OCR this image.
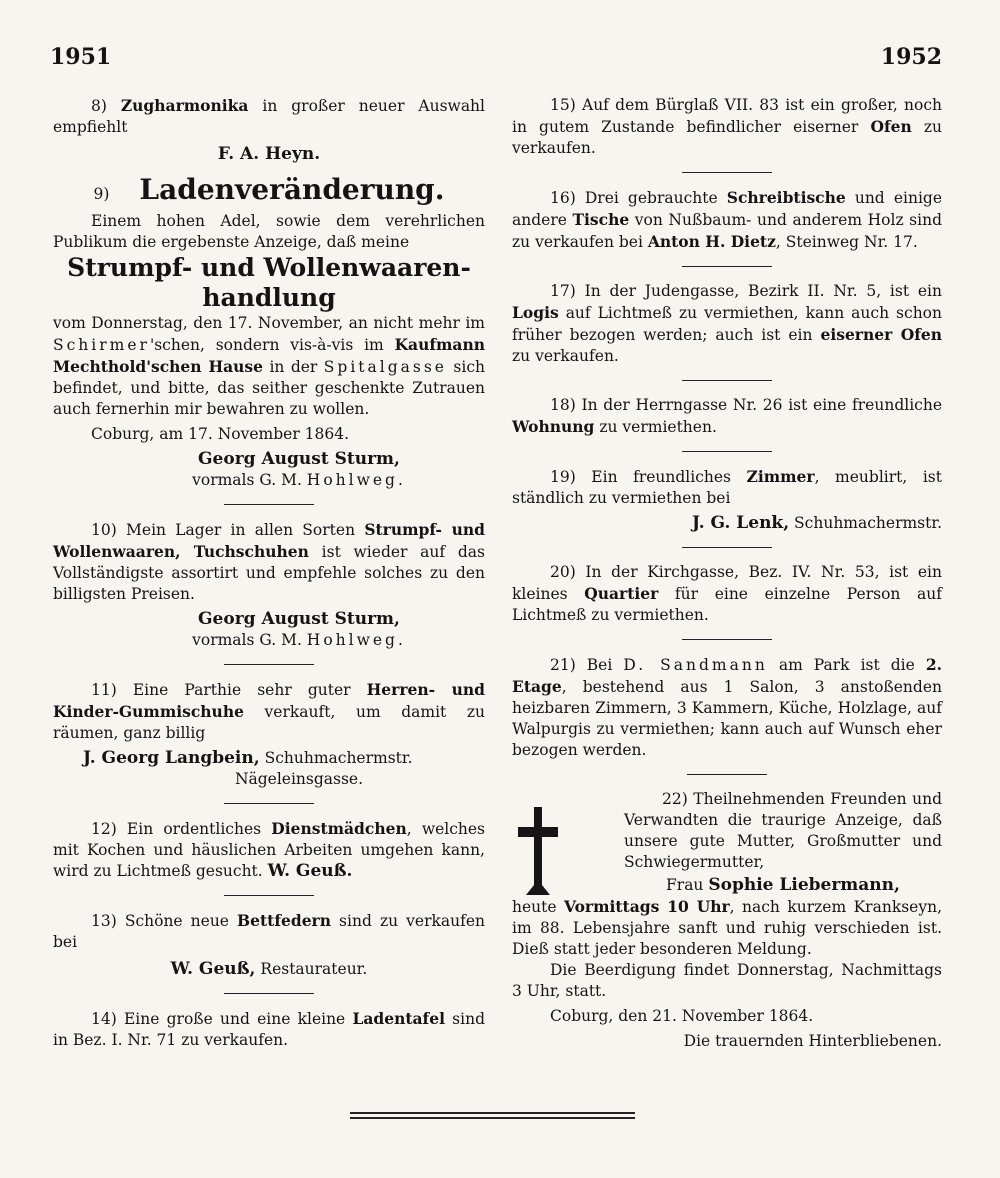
1951	1952

8) Zugharmonika in großer neuer Auswahl empfiehlt

F. A. Heyn.

9) Ladenveränderung.

Einem hohen Adel, sowie dem verehrlichen Publikum die ergebenste Anzeige, daß meine

Strumpf- und Wollenwaaren-

handlung

vom Donnerstag, den 17. November, an nicht mehr im Schirmer'schen, sondern vis-à-vis im Kaufmann Mechthold'schen Hause in der Spitalgasse sich befindet, und bitte, das seither geschenkte Zutrauen auch fernerhin mir bewahren zu wollen.

Coburg, am 17. November 1864.

Georg August Sturm,

vormals G. M. Hohlweg.

10) Mein Lager in allen Sorten Strumpf- und Wollenwaaren, Tuchschuhen ist wieder auf das Vollständigste assortirt und empfehle solches zu den billigsten Preisen.

Georg August Sturm,

vormals G. M. Hohlweg.

11) Eine Parthie sehr guter Herren- und Kinder-Gummischuhe verkauft, um damit zu räumen, ganz billig

J. Georg Langbein, Schuhmachermstr.

Nägeleinsgasse.

12) Ein ordentliches Dienstmädchen, welches mit Kochen und häuslichen Arbeiten umgehen kann, wird zu Lichtmeß gesucht. W. Geuß.

13) Schöne neue Bettfedern sind zu verkaufen bei

W. Geuß, Restaurateur.

14) Eine große und eine kleine Ladentafel sind in Bez. I. Nr. 71 zu verkaufen.

15) Auf dem Bürglaß VII. 83 ist ein großer, noch in gutem Zustande befindlicher eiserner Ofen zu verkaufen.

16) Drei gebrauchte Schreibtische und einige andere Tische von Nußbaum- und anderem Holz sind zu verkaufen bei Anton H. Dietz, Steinweg Nr. 17.

17) In der Judengasse, Bezirk II. Nr. 5, ist ein Logis auf Lichtmeß zu vermiethen, kann auch schon früher bezogen werden; auch ist ein eiserner Ofen zu verkaufen.

18) In der Herrngasse Nr. 26 ist eine freundliche Wohnung zu vermiethen.

19) Ein freundliches Zimmer, meublirt, ist ständlich zu vermiethen bei

J. G. Lenk, Schuhmachermstr.

20) In der Kirchgasse, Bez. IV. Nr. 53, ist ein kleines Quartier für eine einzelne Person auf Lichtmeß zu vermiethen.

21) Bei D. Sandmann am Park ist die 2. Etage, bestehend aus 1 Salon, 3 anstoßenden heizbaren Zimmern, 3 Kammern, Küche, Holzlage, auf Walpurgis zu vermiethen; kann auch auf Wunsch eher bezogen werden.

22) Theilnehmenden Freunden und Verwandten die traurige Anzeige, daß unsere gute Mutter, Großmutter und Schwiegermutter,

Frau Sophie Liebermann,

heute Vormittags 10 Uhr, nach kurzem Krankseyn, im 88. Lebensjahre sanft und ruhig verschieden ist. Dieß statt jeder besonderen Meldung.

Die Beerdigung findet Donnerstag, Nachmittags 3 Uhr, statt.

Coburg, den 21. November 1864.

Die trauernden Hinterbliebenen.
